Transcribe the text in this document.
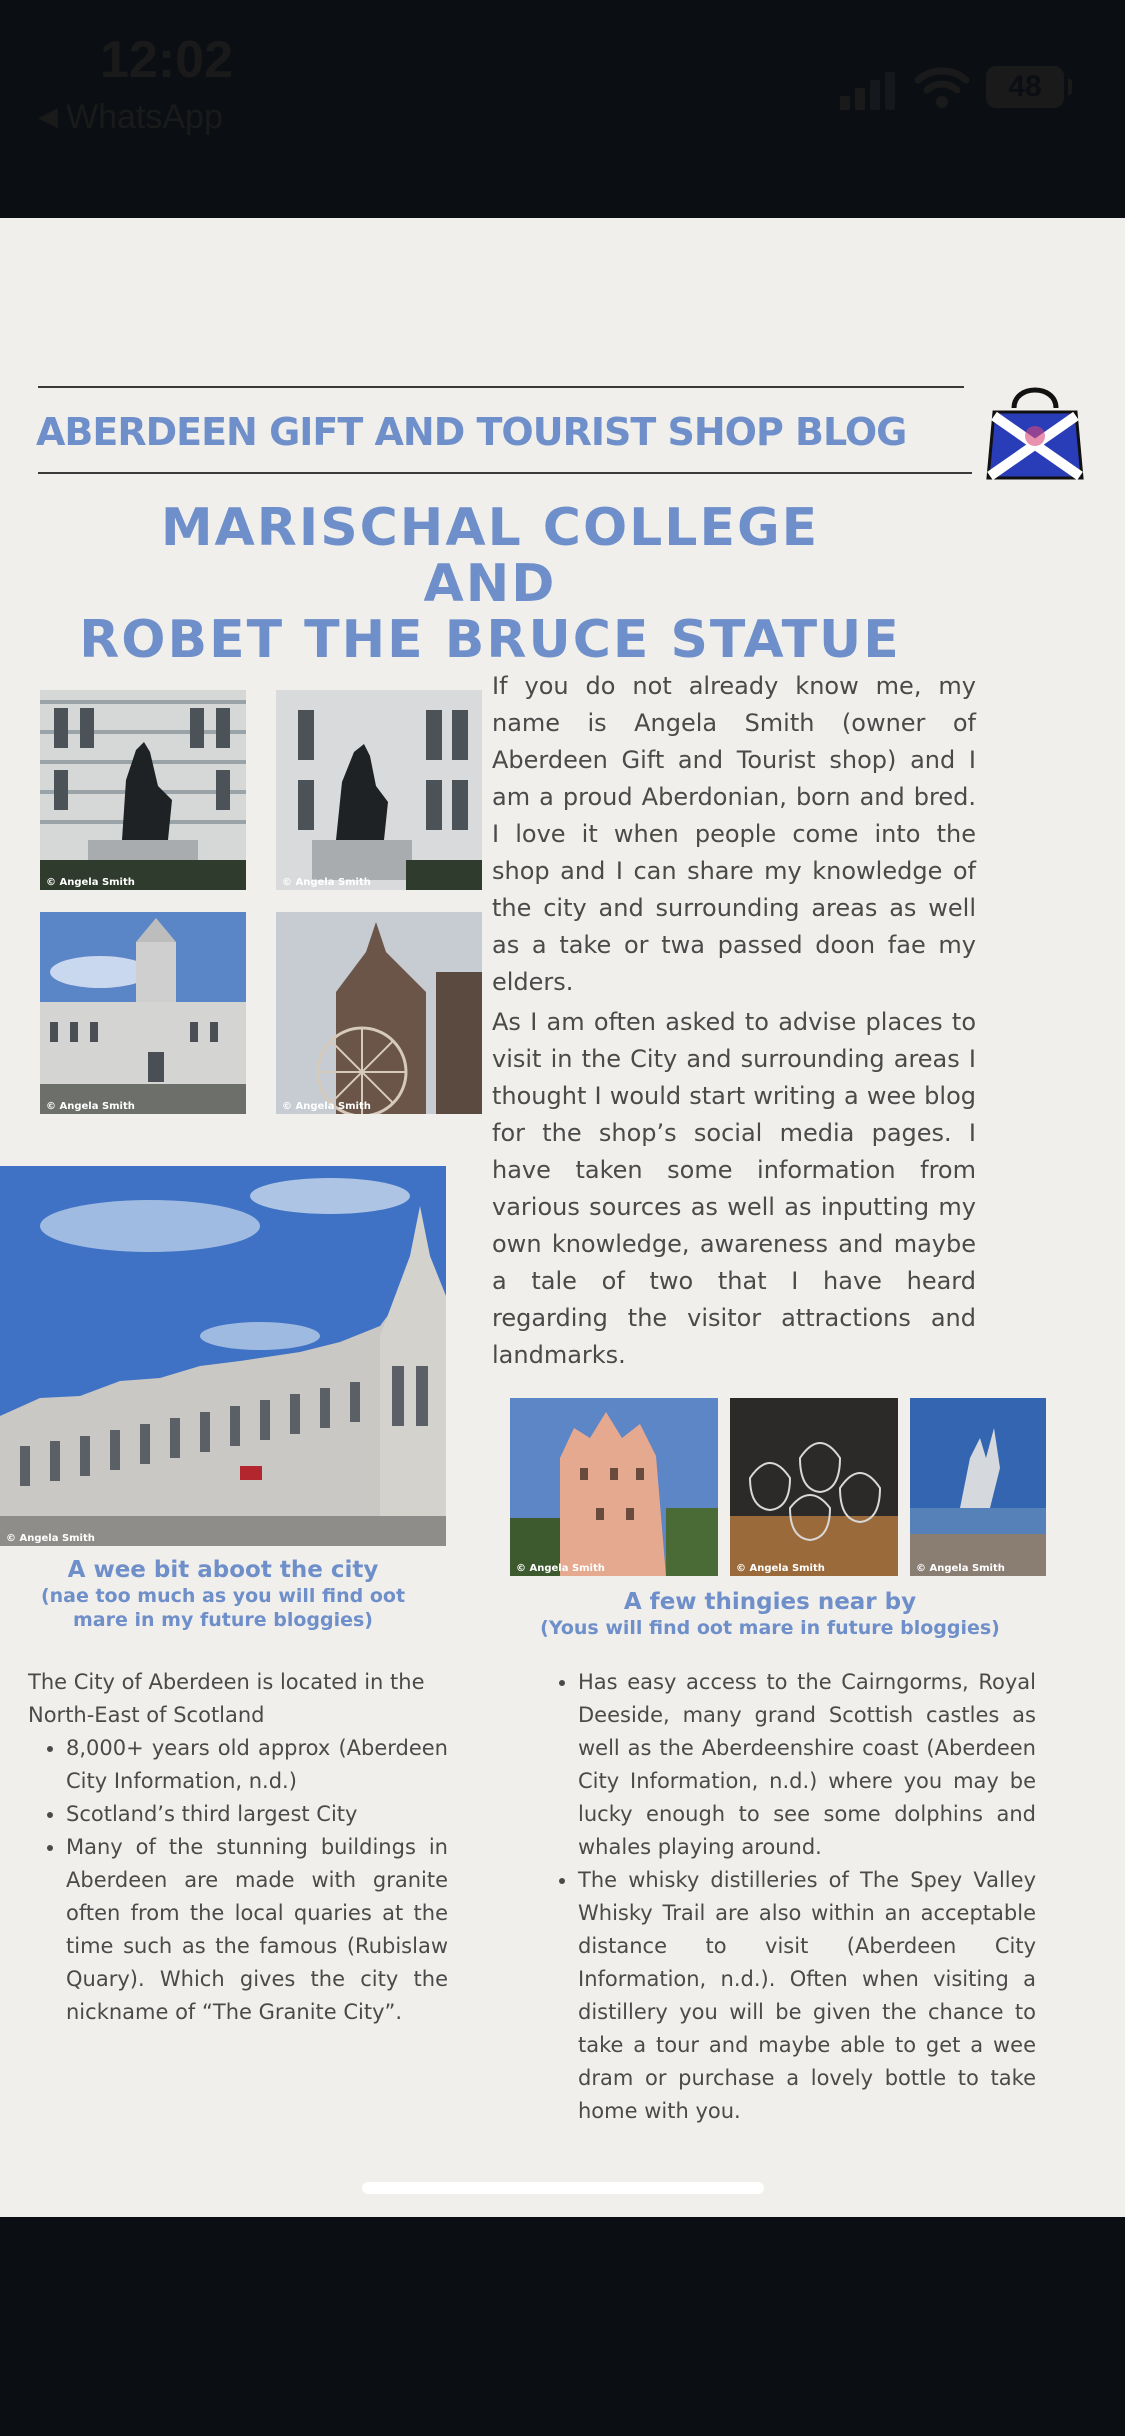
12:02
◀ WhatsApp
48
ABERDEEN GIFT AND TOURIST SHOP BLOG
MARISCHAL COLLEGE
AND
ROBET THE BRUCE STATUE
© Angela Smith	© Angela Smith
© Angela Smith	© Angela Smith
If you do not already know me, my name is Angela Smith (owner of Aberdeen Gift and Tourist shop) and I am a proud Aberdonian, born and bred. I love it when people come into the shop and I can share my knowledge of the city and surrounding areas as well as a take or twa passed doon fae my elders.
As I am often asked to advise places to visit in the City and surrounding areas I thought I would start writing a wee blog for the shop’s social media pages. I have taken some information from various sources as well as inputting my own knowledge, awareness and maybe a tale of two that I have heard regarding the visitor attractions and landmarks.
© Angela Smith
© Angela Smith	© Angela Smith	© Angela Smith
A wee bit aboot the city
(nae too much as you will find oot
mare in my future bloggies)
A few thingies near by
(Yous will find oot mare in future bloggies)

The City of Aberdeen is located in the North-East of Scotland

• 8,000+ years old approx (Aberdeen City Information, n.d.)
• Scotland’s third largest City
• Many of the stunning buildings in Aberdeen are made with granite often from the local quaries at the time such as the famous (Rubislaw Quary). Which gives the city the nickname of “The Granite City”.
• Has easy access to the Cairngorms, Royal Deeside, many grand Scottish castles as well as the Aberdeenshire coast (Aberdeen City Information, n.d.) where you may be lucky enough to see some dolphins and whales playing around.
• The whisky distilleries of The Spey Valley Whisky Trail are also within an acceptable distance to visit (Aberdeen City Information, n.d.). Often when visiting a distillery you will be given the chance to take a tour and maybe able to get a wee dram or purchase a lovely bottle to take home with you.
